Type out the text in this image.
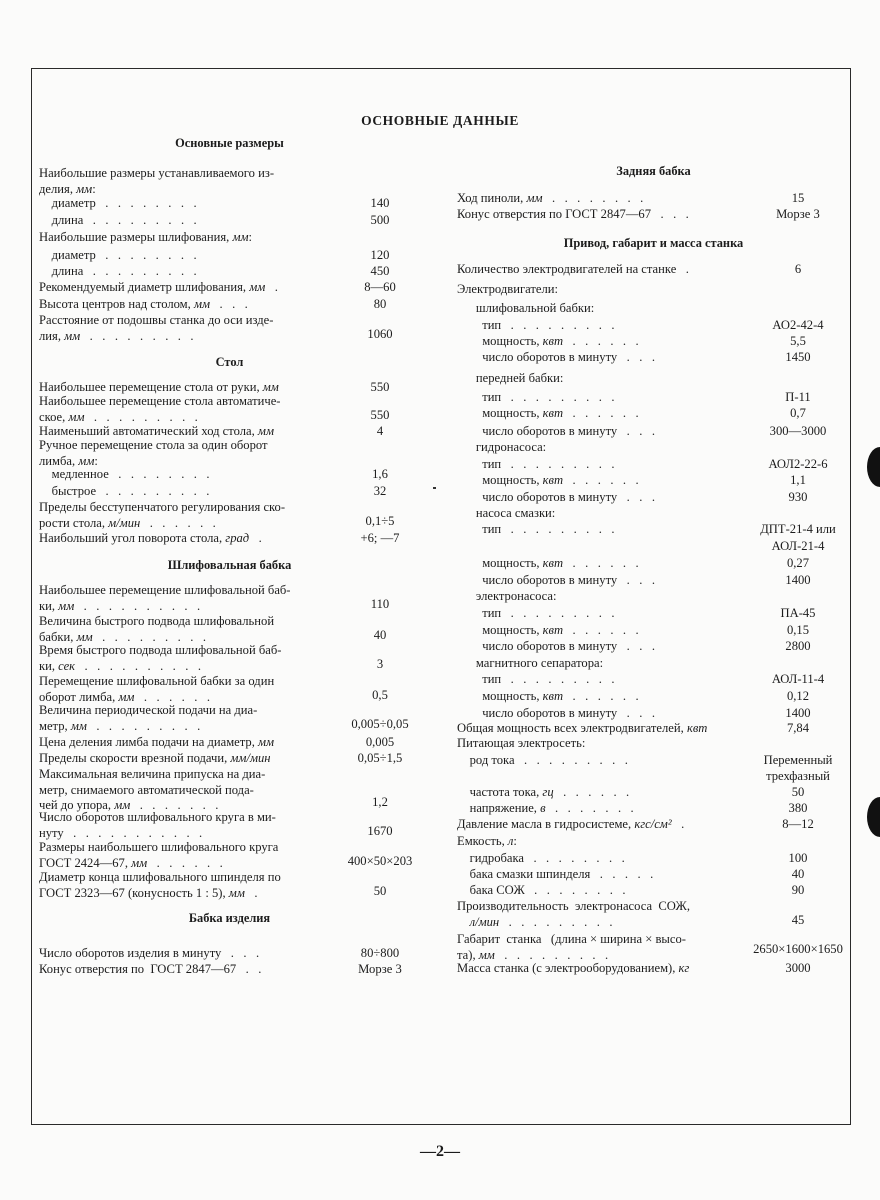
ОСНОВНЫЕ ДАННЫЕ
Основные размеры
Наибольшие размеры устанавливаемого из-
делия, мм:
диаметр   .   .   .   .   .   .   .   .	140
длина   .   .   .   .   .   .   .   .   .	500
Наибольшие размеры шлифования, мм:
диаметр   .   .   .   .   .   .   .   .	120
длина   .   .   .   .   .   .   .   .   .	450
Рекомендуемый диаметр шлифования, мм   .	8—60
Высота центров над столом, мм   .   .   .	80
Расстояние от подошвы станка до оси изде-
лия, мм   .   .   .   .   .   .   .   .   .	1060
Стол
Наибольшее перемещение стола от руки, мм	550
Наибольшее перемещение стола автоматиче-
ское, мм   .   .   .   .   .   .   .   .   .	550
Наименьший автоматический ход стола, мм	4
Ручное перемещение стола за один оборот
лимба, мм:
медленное   .   .   .   .   .   .   .   .	1,6
быстрое   .   .   .   .   .   .   .   .   .	32
Пределы бесступенчатого регулирования ско-
рости стола, м/мин   .   .   .   .   .   .	0,1÷5
Наибольший угол поворота стола, град   .	+6; —7
Шлифовальная бабка
Наибольшее перемещение шлифовальной баб-
ки, мм   .   .   .   .   .   .   .   .   .   .	110
Величина быстрого подвода шлифовальной
бабки, мм   .   .   .   .   .   .   .   .   .	40
Время быстрого подвода шлифовальной баб-
ки, сек   .   .   .   .   .   .   .   .   .   .	3
Перемещение шлифовальной бабки за один
оборот лимба, мм   .   .   .   .   .   .	0,5
Величина периодической подачи на диа-
метр, мм   .   .   .   .   .   .   .   .   .	0,005÷0,05
Цена деления лимба подачи на диаметр, мм	0,005
Пределы скорости врезной подачи, мм/мин	0,05÷1,5
Максимальная величина припуска на диа-
метр, снимаемого автоматической пода-
чей до упора, мм   .   .   .   .   .   .   .	1,2
Число оборотов шлифовального круга в ми-
нуту   .   .   .   .   .   .   .   .   .   .   .	1670
Размеры наибольшего шлифовального круга
ГОСТ 2424—67, мм   .   .   .   .   .   .	400×50×203
Диаметр конца шлифовального шпинделя по
ГОСТ 2323—67 (конусность 1 : 5), мм   .	50
Бабка изделия
Число оборотов изделия в минуту   .   .   .	80÷800
Конус отверстия по  ГОСТ 2847—67   .   .	Морзе 3
Задняя бабка
Ход пиноли, мм   .   .   .   .   .   .   .   .	15
Конус отверстия по ГОСТ 2847—67   .   .   .	Морзе 3
Привод, габарит и масса станка
Количество электродвигателей на станке   .	6
Электродвигатели:
шлифовальной бабки:
тип   .   .   .   .   .   .   .   .   .	АО2-42-4
мощность, квт   .   .   .   .   .   .	5,5
число оборотов в минуту   .   .   .	1450
передней бабки:
тип   .   .   .   .   .   .   .   .   .	П-11
мощность, квт   .   .   .   .   .   .	0,7
число оборотов в минуту   .   .   .	300—3000
гидронасоса:
тип   .   .   .   .   .   .   .   .   .	АОЛ2-22-6
мощность, квт   .   .   .   .   .   .	1,1
число оборотов в минуту   .   .   .	930
насоса смазки:
тип   .   .   .   .   .   .   .   .   .	ДПТ-21-4 или
АОЛ-21-4
мощность, квт   .   .   .   .   .   .	0,27
число оборотов в минуту   .   .   .	1400
электронасоса:
тип   .   .   .   .   .   .   .   .   .	ПА-45
мощность, квт   .   .   .   .   .   .	0,15
число оборотов в минуту   .   .   .	2800
магнитного сепаратора:
тип   .   .   .   .   .   .   .   .   .	АОЛ-11-4
мощность, квт   .   .   .   .   .   .	0,12
число оборотов в минуту   .   .   .	1400
Общая мощность всех электродвигателей, квт	7,84
Питающая электросеть:
род тока   .   .   .   .   .   .   .   .   .	Переменный
трехфазный
частота тока, гц   .   .   .   .   .   .	50
напряжение, в   .   .   .   .   .   .   .	380
Давление масла в гидросистеме, кгс/см²   .	8—12
Емкость, л:
гидробака   .   .   .   .   .   .   .   .	100
бака смазки шпинделя   .   .   .   .   .	40
бака СОЖ   .   .   .   .   .   .   .   .	90
Производительность  электронасоса  СОЖ,
л/мин   .   .   .   .   .   .   .   .   .	45
Габарит  станка   (длина × ширина × высо-
та), мм   .   .   .   .   .   .   .   .   .	2650×1600×1650
Масса станка (с электрооборудованием), кг	3000
—2—
